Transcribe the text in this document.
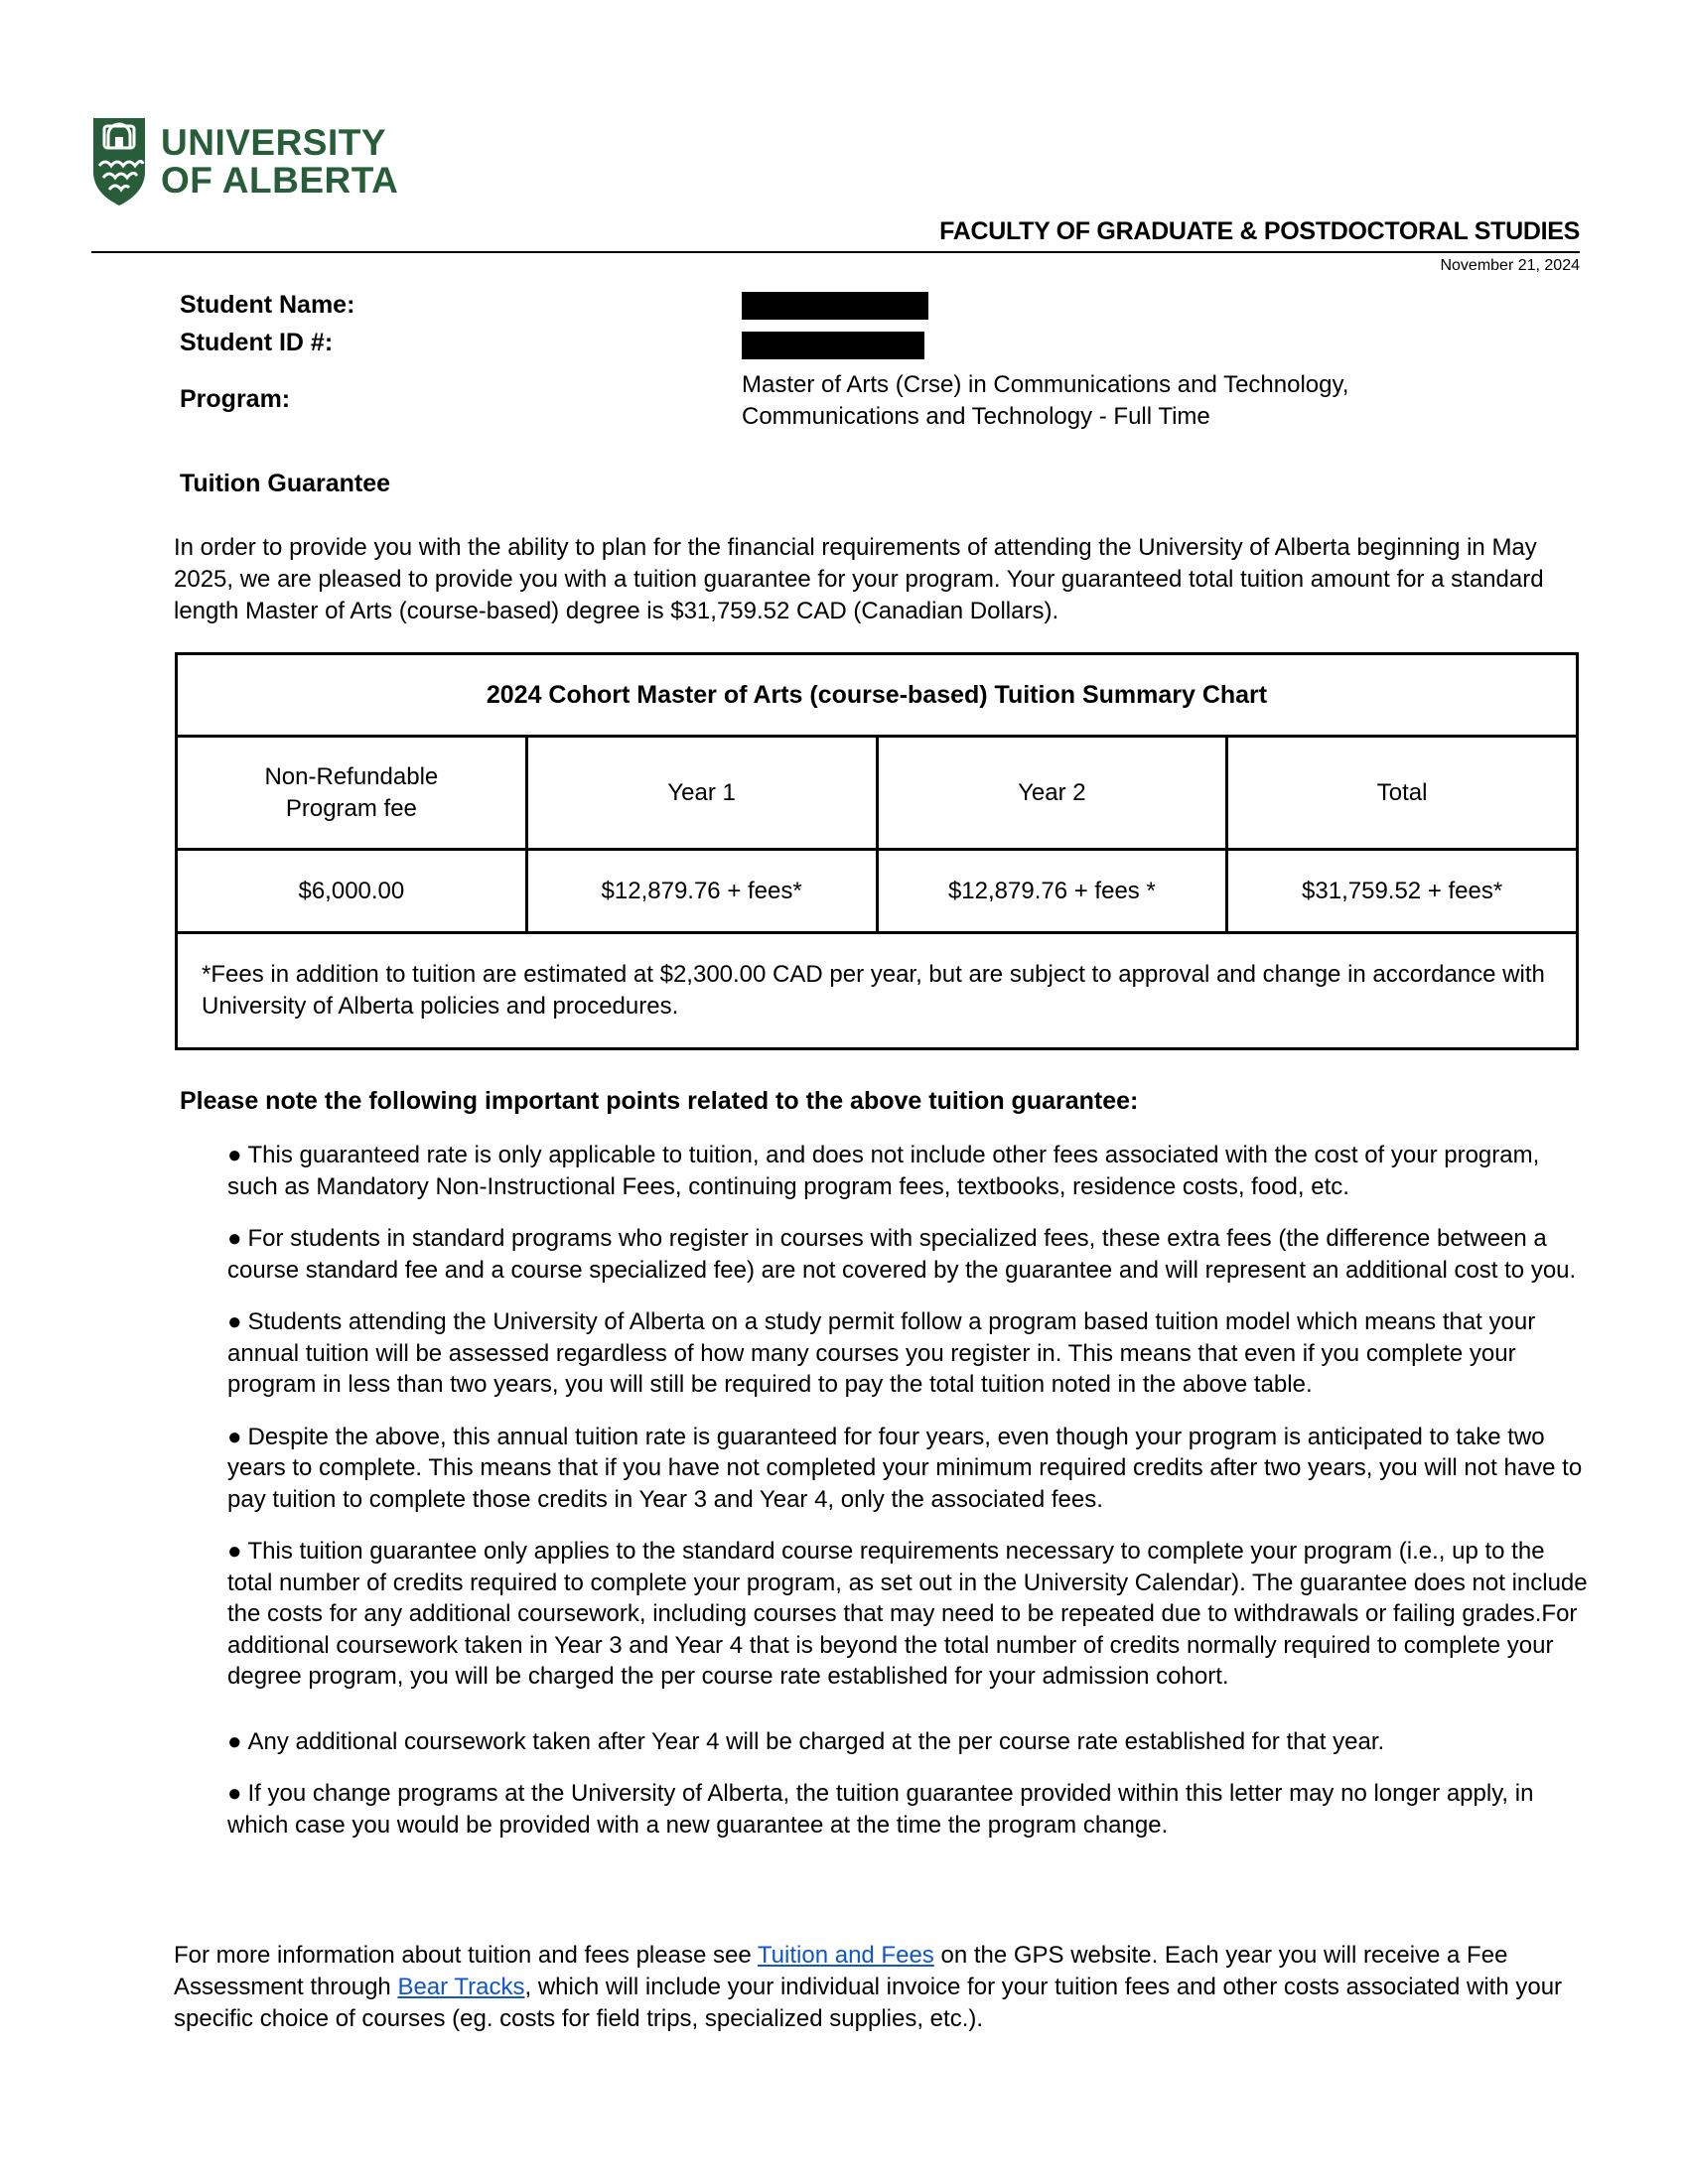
UNIVERSITY
OF ALBERTA
FACULTY OF GRADUATE & POSTDOCTORAL STUDIES
November 21, 2024
Student Name:
Student ID #:
Program:
Master of Arts (Crse) in Communications and Technology,
Communications and Technology - Full Time
Tuition Guarantee
In order to provide you with the ability to plan for the financial requirements of attending the University of Alberta beginning in May 2025, we are pleased to provide you with a tuition guarantee for your program. Your guaranteed total tuition amount for a standard length Master of Arts (course-based) degree is $31,759.52 CAD (Canadian Dollars).
2024 Cohort Master of Arts (course-based) Tuition Summary Chart			

Non-Refundable
Program fee	Year 1	Year 2	Total
$6,000.00	$12,879.76 + fees*	$12,879.76 + fees *	$31,759.52 + fees*
*Fees in addition to tuition are estimated at $2,300.00 CAD per year, but are subject to approval and change in accordance with University of Alberta policies and procedures.			
Please note the following important points related to the above tuition guarantee:
● This guaranteed rate is only applicable to tuition, and does not include other fees associated with the cost of your program, such as Mandatory Non-Instructional Fees, continuing program fees, textbooks, residence costs, food, etc.
● For students in standard programs who register in courses with specialized fees, these extra fees (the difference between a course standard fee and a course specialized fee) are not covered by the guarantee and will represent an additional cost to you.
● Students attending the University of Alberta on a study permit follow a program based tuition model which means that your annual tuition will be assessed regardless of how many courses you register in. This means that even if you complete your program in less than two years, you will still be required to pay the total tuition noted in the above table.
● Despite the above, this annual tuition rate is guaranteed for four years, even though your program is anticipated to take two years to complete. This means that if you have not completed your minimum required credits after two years, you will not have to pay tuition to complete those credits in Year 3 and Year 4, only the associated fees.
● This tuition guarantee only applies to the standard course requirements necessary to complete your program (i.e., up to the total number of credits required to complete your program, as set out in the University Calendar). The guarantee does not include the costs for any additional coursework, including courses that may need to be repeated due to withdrawals or failing grades.For additional coursework taken in Year 3 and Year 4 that is beyond the total number of credits normally required to complete your degree program, you will be charged the per course rate established for your admission cohort.
● Any additional coursework taken after Year 4 will be charged at the per course rate established for that year.
● If you change programs at the University of Alberta, the tuition guarantee provided within this letter may no longer apply, in which case you would be provided with a new guarantee at the time the program change.
For more information about tuition and fees please see Tuition and Fees on the GPS website. Each year you will receive a Fee Assessment through Bear Tracks, which will include your individual invoice for your tuition fees and other costs associated with your specific choice of courses (eg. costs for field trips, specialized supplies, etc.).
